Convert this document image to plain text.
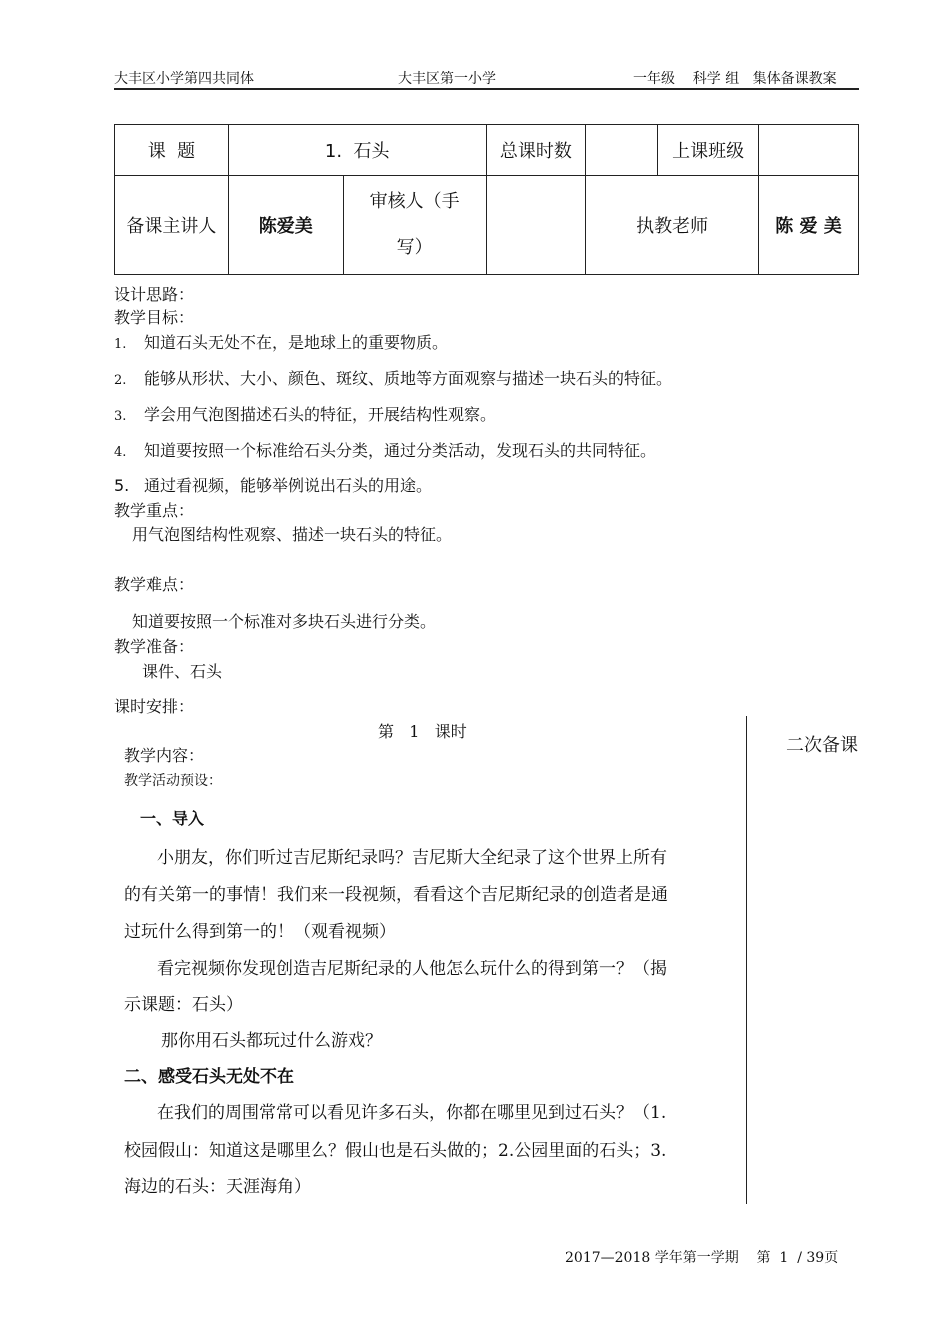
大丰区小学第四共同体	大丰区第一小学	一年级    科学 组   集体备课教案
课  题	1.  石头		总课时数		上课班级	
备课主讲人	陈爱美	审核人（手写）		执教老师		陈 爱 美
设计思路：
教学目标：
1. 知道石头无处不在，是地球上的重要物质。
2. 能够从形状、大小、颜色、斑纹、质地等方面观察与描述一块石头的特征。
3. 学会用气泡图描述石头的特征，开展结构性观察。
4. 知道要按照一个标准给石头分类，通过分类活动，发现石头的共同特征。
5. 通过看视频，能够举例说出石头的用途。
教学重点：
用气泡图结构性观察、描述一块石头的特征。
教学难点：
知道要按照一个标准对多块石头进行分类。
教学准备：
课件、石头
课时安排：
第   1   课时
二次备课
教学内容：
教学活动预设：
一、导入
小朋友，你们听过吉尼斯纪录吗？吉尼斯大全纪录了这个世界上所有
的有关第一的事情！我们来一段视频，看看这个吉尼斯纪录的创造者是通
过玩什么得到第一的！（观看视频）
看完视频你发现创造吉尼斯纪录的人他怎么玩什么的得到第一？（揭
示课题：石头）
那你用石头都玩过什么游戏？
二、感受石头无处不在
在我们的周围常常可以看见许多石头，你都在哪里见到过石头？（1.
校园假山：知道这是哪里么？假山也是石头做的；2.公园里面的石头；3.
海边的石头：天涯海角）
2017—2018 学年第一学期    第  1  / 39页
